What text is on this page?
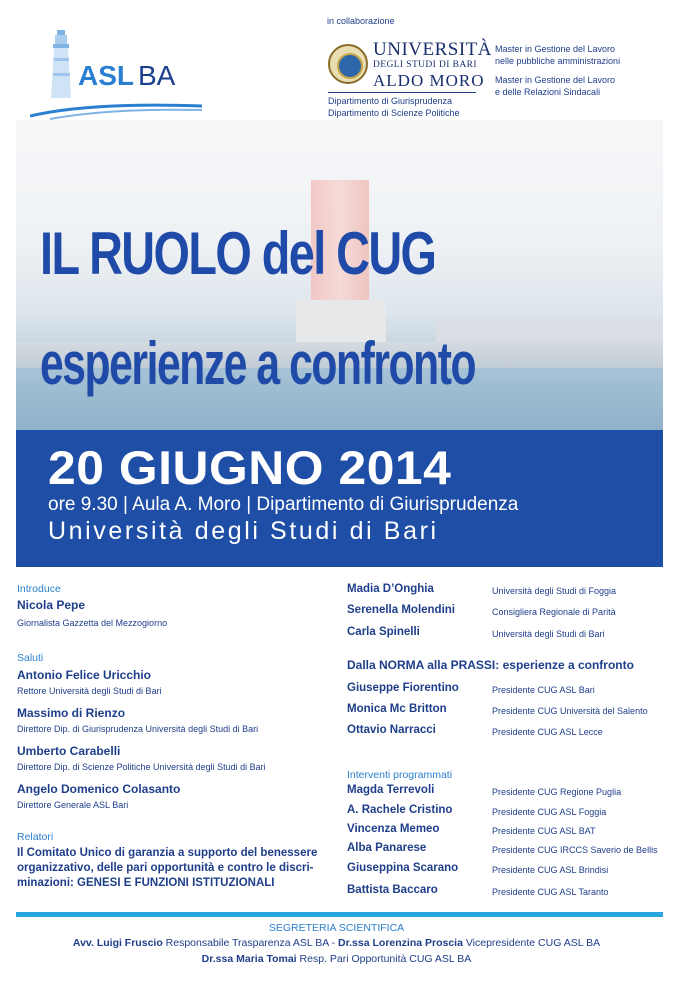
ASL BA
in collaborazione
UNIVERSITÀ
DEGLI STUDI DI BARI
ALDO MORO
Dipartimento di Giurisprudenza
Dipartimento di Scienze Politiche
Master in Gestione del Lavoro
nelle pubbliche amministrazioni
Master in Gestione del Lavoro
e delle Relazioni Sindacali
IL RUOLO del CUG
esperienze a confronto
20 GIUGNO 2014
ore 9.30 | Aula A. Moro | Dipartimento di Giurisprudenza
Università degli Studi di Bari
Introduce
Nicola Pepe
Giornalista Gazzetta del Mezzogiorno
Saluti
Antonio Felice Uricchio
Rettore Università degli Studi di Bari
Massimo di Rienzo
Direttore Dip. di Giurisprudenza Università degli Studi di Bari
Umberto Carabelli
Direttore Dip. di Scienze Politiche Università degli Studi di Bari
Angelo Domenico Colasanto
Direttore Generale ASL Bari
Relatori
Il Comitato Unico di garanzia a supporto del benessere
organizzativo, delle pari opportunità e contro le discri-
minazioni: GENESI E FUNZIONI ISTITUZIONALI
Madia D’Onghia	Università degli Studi di Foggia
Serenella Molendini	Consigliera Regionale di Parità
Carla Spinelli	Università degli Studi di Bari
Dalla NORMA alla PRASSI: esperienze a confronto
Giuseppe Fiorentino	Presidente CUG ASL Bari
Monica Mc Britton	Presidente CUG Università del Salento
Ottavio Narracci	Presidente CUG ASL Lecce
Interventi programmati
Magda Terrevoli	Presidente CUG Regione Puglia
A. Rachele Cristino	Presidente CUG ASL Foggia
Vincenza Memeo	Presidente CUG ASL BAT
Alba Panarese	Presidente CUG IRCCS Saverio de Bellis
Giuseppina Scarano	Presidente CUG ASL Brindisi
Battista Baccaro	Presidente CUG ASL Taranto
SEGRETERIA SCIENTIFICA
Avv. Luigi Fruscio Responsabile Trasparenza ASL BA - Dr.ssa Lorenzina Proscia Vicepresidente CUG ASL BA
Dr.ssa Maria Tomai Resp. Pari Opportunità CUG ASL BA
